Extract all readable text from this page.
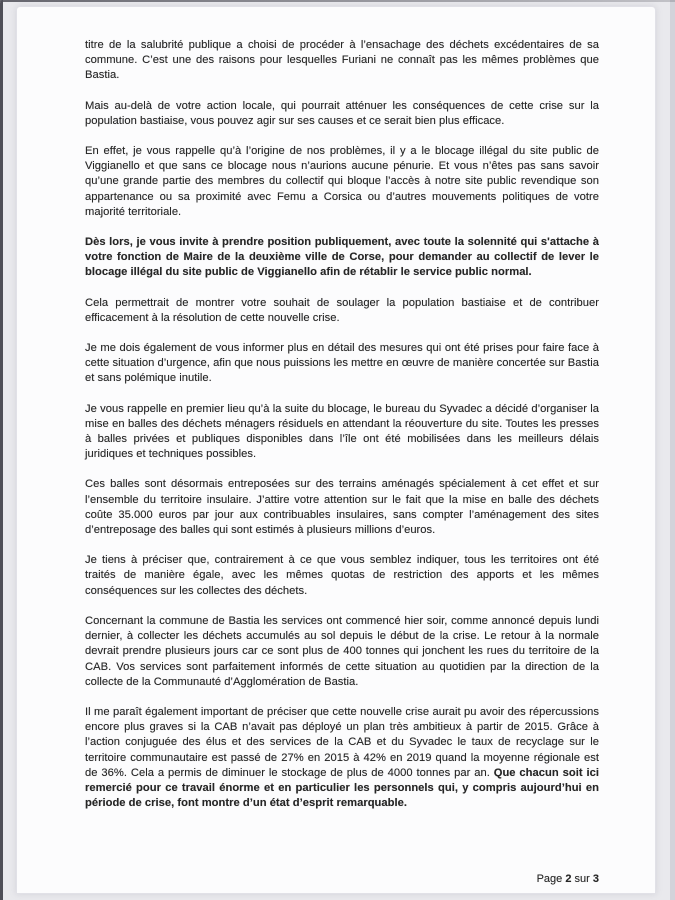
titre de la salubrité publique a choisi de procéder à l’ensachage des déchets excédentaires de sa commune. C’est une des raisons pour lesquelles Furiani ne connaît pas les mêmes problèmes que Bastia.

Mais au-delà de votre action locale, qui pourrait atténuer les conséquences de cette crise sur la population bastiaise, vous pouvez agir sur ses causes et ce serait bien plus efficace.

En effet, je vous rappelle qu’à l’origine de nos problèmes, il y a le blocage illégal du site public de Viggianello et que sans ce blocage nous n’aurions aucune pénurie. Et vous n’êtes pas sans savoir qu’une grande partie des membres du collectif qui bloque l’accès à notre site public revendique son appartenance ou sa proximité avec Femu a Corsica ou d’autres mouvements politiques de votre majorité territoriale.

Dès lors, je vous invite à prendre position publiquement, avec toute la solennité qui s'attache à votre fonction de Maire de la deuxième ville de Corse, pour demander au collectif de lever le blocage illégal du site public de Viggianello afin de rétablir le service public normal.

Cela permettrait de montrer votre souhait de soulager la population bastiaise et de contribuer efficacement à la résolution de cette nouvelle crise.

Je me dois également de vous informer plus en détail des mesures qui ont été prises pour faire face à cette situation d’urgence, afin que nous puissions les mettre en œuvre de manière concertée sur Bastia et sans polémique inutile.

Je vous rappelle en premier lieu qu’à la suite du blocage, le bureau du Syvadec a décidé d’organiser la mise en balles des déchets ménagers résiduels en attendant la réouverture du site. Toutes les presses à balles privées et publiques disponibles dans l’île ont été mobilisées dans les meilleurs délais juridiques et techniques possibles.

Ces balles sont désormais entreposées sur des terrains aménagés spécialement à cet effet et sur l’ensemble du territoire insulaire. J’attire votre attention sur le fait que la mise en balle des déchets coûte 35.000 euros par jour aux contribuables insulaires, sans compter l’aménagement des sites d’entreposage des balles qui sont estimés à plusieurs millions d’euros.

Je tiens à préciser que, contrairement à ce que vous semblez indiquer, tous les territoires ont été traités de manière égale, avec les mêmes quotas de restriction des apports et les mêmes conséquences sur les collectes des déchets.

Concernant la commune de Bastia les services ont commencé hier soir, comme annoncé depuis lundi dernier, à collecter les déchets accumulés au sol depuis le début de la crise. Le retour à la normale devrait prendre plusieurs jours car ce sont plus de 400 tonnes qui jonchent les rues du territoire de la CAB. Vos services sont parfaitement informés de cette situation au quotidien par la direction de la collecte de la Communauté d’Agglomération de Bastia.

Il me paraît également important de préciser que cette nouvelle crise aurait pu avoir des répercussions encore plus graves si la CAB n’avait pas déployé un plan très ambitieux à partir de 2015. Grâce à l’action conjuguée des élus et des services de la CAB et du Syvadec le taux de recyclage sur le territoire communautaire est passé de 27% en 2015 à 42% en 2019 quand la moyenne régionale est de 36%. Cela a permis de diminuer le stockage de plus de 4000 tonnes par an. Que chacun soit ici remercié pour ce travail énorme et en particulier les personnels qui, y compris aujourd’hui en période de crise, font montre d’un état d’esprit remarquable.

Page 2 sur 3
